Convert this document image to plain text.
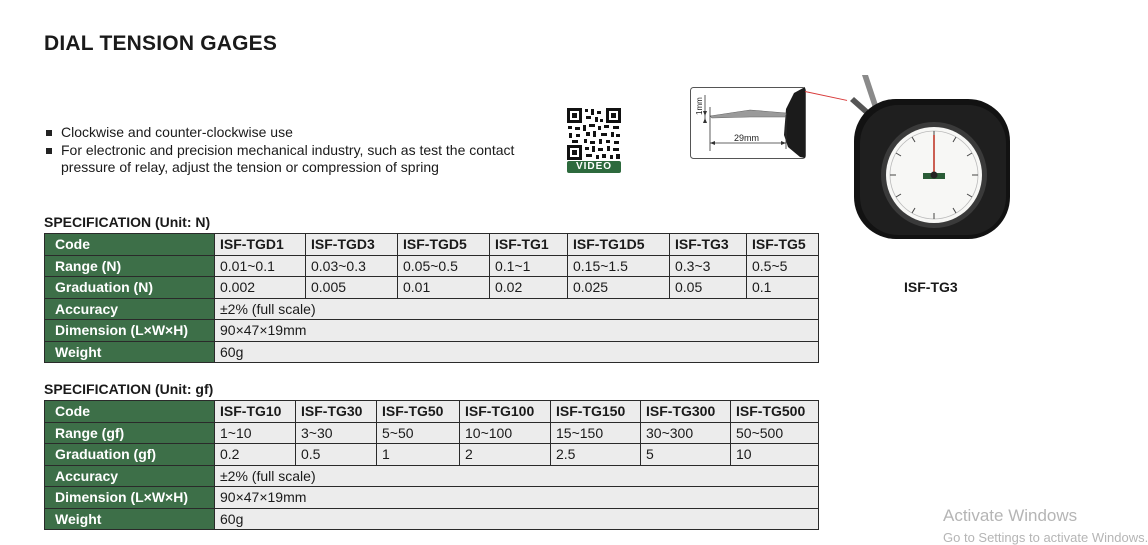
DIAL TENSION GAGES
Clockwise and counter-clockwise use
For electronic and precision mechanical industry, such as test the contact pressure of relay, adjust the tension or compression of spring	VIDEO
SPECIFICATION (Unit: N)
Code	ISF-TGD1	ISF-TGD3	ISF-TGD5	ISF-TG1	ISF-TG1D5	ISF-TG3	ISF-TG5
Range (N)	0.01~0.1	0.03~0.3	0.05~0.5	0.1~1	0.15~1.5	0.3~3	0.5~5
Graduation (N)	0.002	0.005	0.01	0.02	0.025	0.05	0.1
Accuracy	±2% (full scale)						
Dimension (L×W×H)	90×47×19mm						
Weight	60g						
SPECIFICATION (Unit: gf)
Code	ISF-TG10	ISF-TG30	ISF-TG50	ISF-TG100	ISF-TG150	ISF-TG300	ISF-TG500
Range (gf)	1~10	3~30	5~50	10~100	15~150	30~300	50~500
Graduation (gf)	0.2	0.5	1	2	2.5	5	10
Accuracy	±2% (full scale)						
Dimension (L×W×H)	90×47×19mm						
Weight	60g						
1mm
29mm
ISF-TG3
Activate Windows
Go to Settings to activate Windows.
